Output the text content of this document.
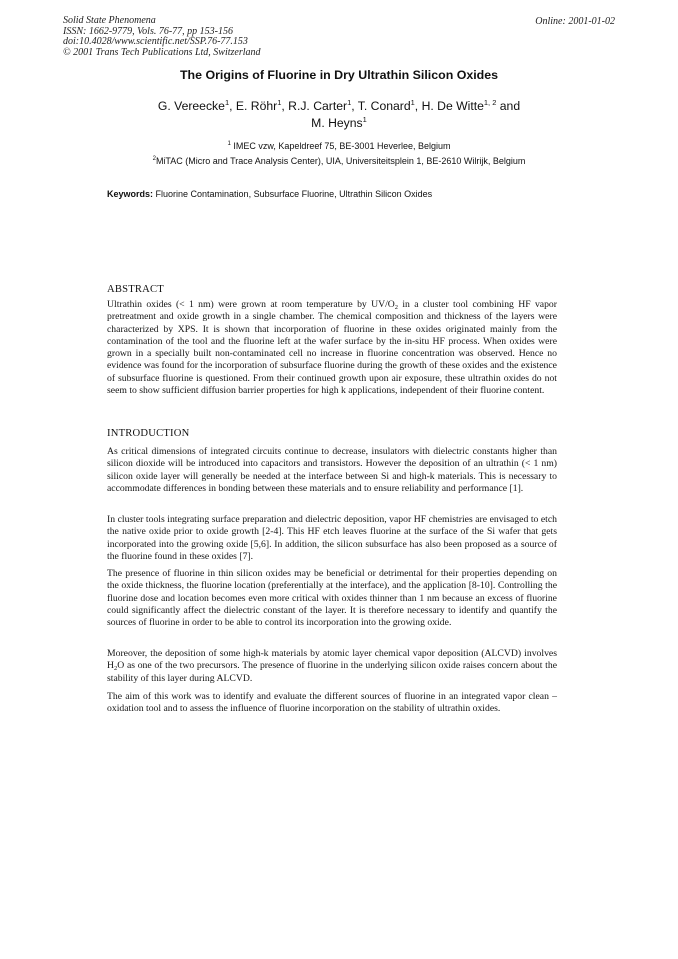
Solid State Phenomena
ISSN: 1662-9779, Vols. 76-77, pp 153-156
doi:10.4028/www.scientific.net/SSP.76-77.153
© 2001 Trans Tech Publications Ltd, Switzerland
Online: 2001-01-02
The Origins of Fluorine in Dry Ultrathin Silicon Oxides
G. Vereecke$^1$, E. Röhr$^1$, R.J. Carter$^1$, T. Conard$^1$, H. De Witte$^{1, 2}$ and
M. Heyns$^1$
$^1$ IMEC vzw, Kapeldreef 75, BE-3001 Heverlee, Belgium
$^2$MiTAC (Micro and Trace Analysis Center), UIA, Universiteitsplein 1, BE-2610 Wilrijk, Belgium
Keywords: Fluorine Contamination, Subsurface Fluorine, Ultrathin Silicon Oxides
ABSTRACT
Ultrathin oxides (< 1 nm) were grown at room temperature by $UV/O_2$ in a cluster tool combining HF vapor pretreatment and oxide growth in a single chamber. The chemical composition and thickness of the layers were characterized by XPS. It is shown that incorporation of fluorine in these oxides originated mainly from the contamination of the tool and the fluorine left at the wafer surface by the in-situ HF process. When oxides were grown in a specially built non-contaminated cell no increase in fluorine concentration was observed. Hence no evidence was found for the incorporation of subsurface fluorine during the growth of these oxides and the existence of subsurface fluorine is questioned. From their continued growth upon air exposure, these ultrathin oxides do not seem to show sufficient diffusion barrier properties for high k applications, independent of their fluorine content.
INTRODUCTION
As critical dimensions of integrated circuits continue to decrease, insulators with dielectric constants higher than silicon dioxide will be introduced into capacitors and transistors. However the deposition of an ultrathin (< 1 nm) silicon oxide layer will generally be needed at the interface between Si and high-k materials. This is necessary to accommodate differences in bonding between these materials and to ensure reliability and performance [1].
In cluster tools integrating surface preparation and dielectric deposition, vapor HF chemistries are envisaged to etch the native oxide prior to oxide growth [2-4]. This HF etch leaves fluorine at the surface of the Si wafer that gets incorporated into the growing oxide [5,6]. In addition, the silicon subsurface has also been proposed as a source of the fluorine found in these oxides [7].
The presence of fluorine in thin silicon oxides may be beneficial or detrimental for their properties depending on the oxide thickness, the fluorine location (preferentially at the interface), and the application [8-10]. Controlling the fluorine dose and location becomes even more critical with oxides thinner than 1 nm because an excess of fluorine could significantly affect the dielectric constant of the layer. It is therefore necessary to identify and quantify the sources of fluorine in order to be able to control its incorporation into the growing oxide.
Moreover, the deposition of some high-k materials by atomic layer chemical vapor deposition (ALCVD) involves $H_2O$ as one of the two precursors. The presence of fluorine in the underlying silicon oxide raises concern about the stability of this layer during ALCVD.
The aim of this work was to identify and evaluate the different sources of fluorine in an integrated vapor clean – oxidation tool and to assess the influence of fluorine incorporation on the stability of ultrathin oxides.
